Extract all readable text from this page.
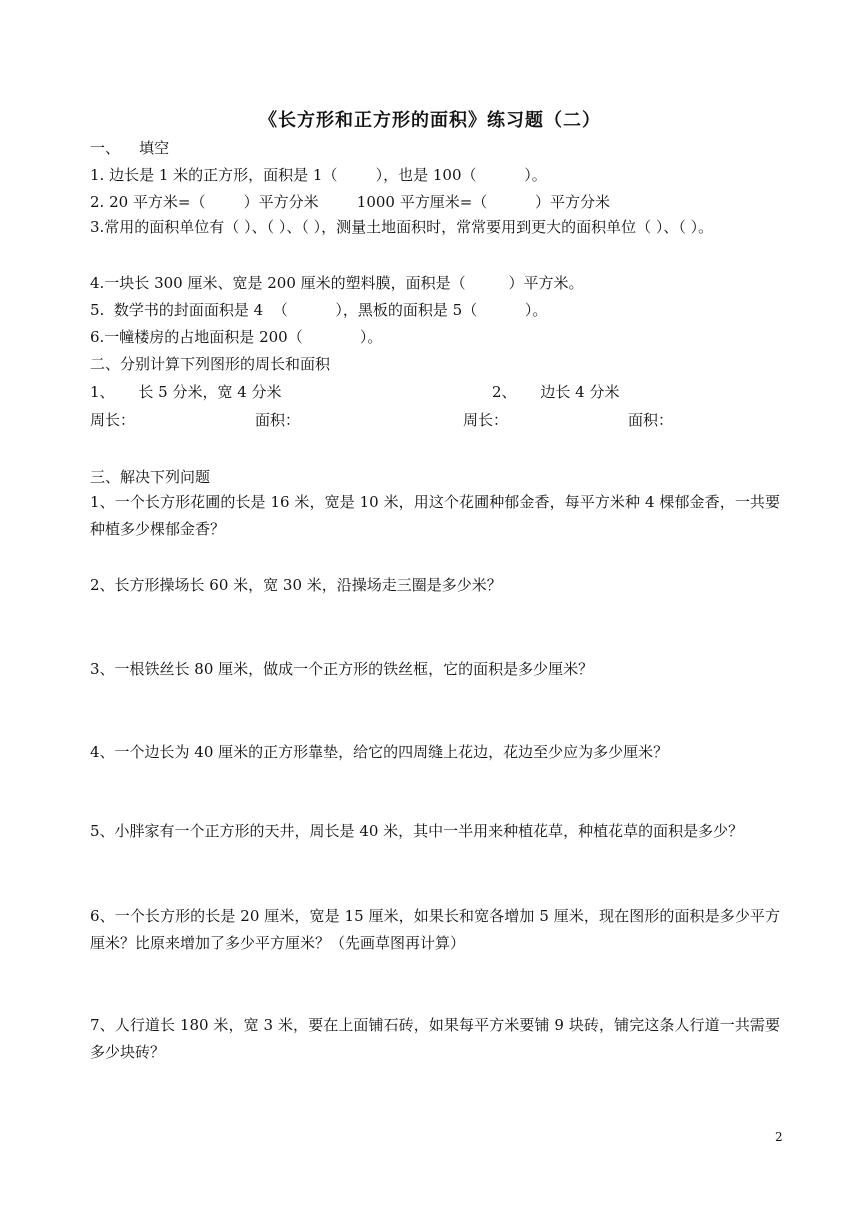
《长方形和正方形的面积》练习题（二）
一、    填空
1. 边长是 1 米的正方形，面积是 1（        ），也是 100（          ）。
2. 20 平方米=（        ）平方分米        1000 平方厘米=（          ）平方分米
3.常用的面积单位有（ ）、（ ）、（ ），测量土地面积时，常常要用到更大的面积单位（ ）、（ ）。
4.一块长 300 厘米、宽是 200 厘米的塑料膜，面积是（         ）平方米。
5.  数学书的封面面积是 4  （          ），黑板的面积是 5（          ）。
6.一幢楼房的占地面积是 200（            ）。
二、分别计算下列图形的周长和面积
1、     长 5 分米，宽 4 分米	2、     边长 4 分米
周长：	面积：	周长：	面积：
三、解决下列问题
1、一个长方形花圃的长是 16 米，宽是 10 米，用这个花圃种郁金香，每平方米种 4 棵郁金香，一共要种植多少棵郁金香？
2、长方形操场长 60 米，宽 30 米，沿操场走三圈是多少米？
3、一根铁丝长 80 厘米，做成一个正方形的铁丝框，它的面积是多少厘米？
4、一个边长为 40 厘米的正方形靠垫，给它的四周缝上花边，花边至少应为多少厘米？
5、小胖家有一个正方形的天井，周长是 40 米，其中一半用来种植花草，种植花草的面积是多少？
6、一个长方形的长是 20 厘米，宽是 15 厘米，如果长和宽各增加 5 厘米，现在图形的面积是多少平方厘米？比原来增加了多少平方厘米？（先画草图再计算）
7、人行道长 180 米，宽 3 米，要在上面铺石砖，如果每平方米要铺 9 块砖，铺完这条人行道一共需要多少块砖？
2
